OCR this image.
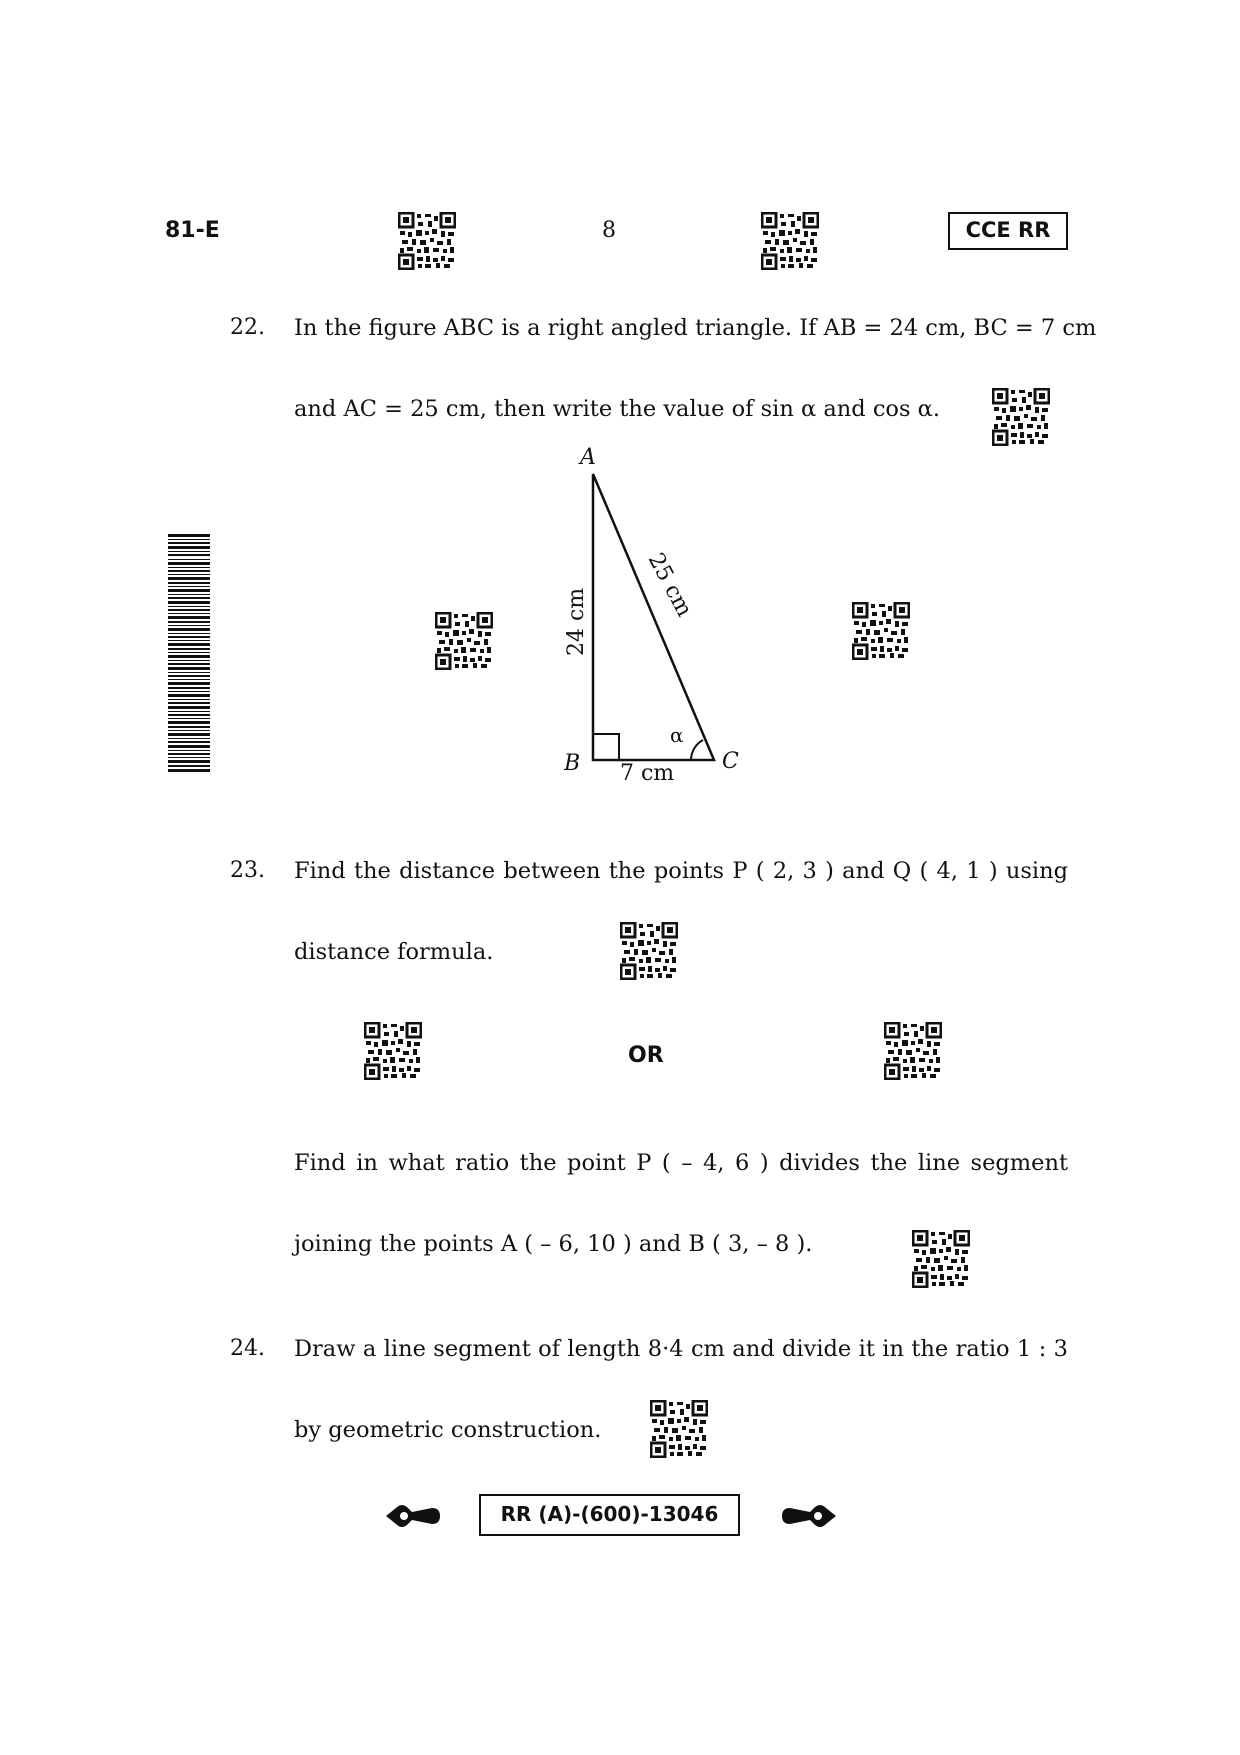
81-E	8	CCE RR
22. In the figure ABC is a right angled triangle. If AB = 24 cm, BC = 7 cm
and AC = 25 cm, then write the value of sin α and cos α.
A
B	C
24 cm
25 cm
7 cm
α
23. Find the distance between the points P ( 2, 3 ) and Q ( 4, 1 ) using
distance formula.
OR
Find in what ratio the point P ( – 4, 6 ) divides the line segment
joining the points A ( – 6, 10 ) and B ( 3, – 8 ).
24. Draw a line segment of length 8·4 cm and divide it in the ratio 1 : 3
by geometric construction.
RR (A)-(600)-13046
